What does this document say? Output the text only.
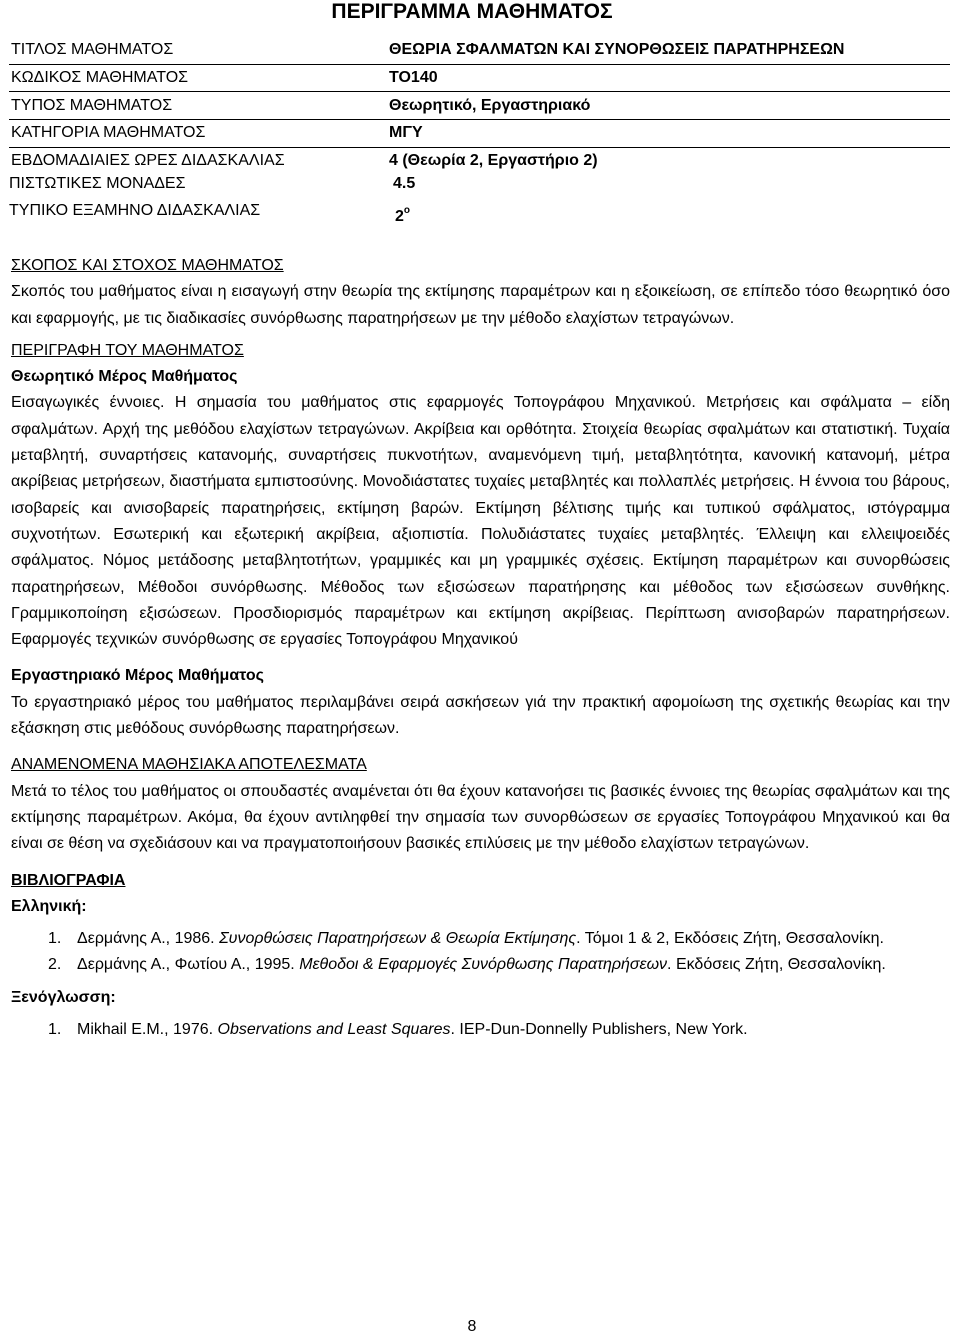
ΠΕΡΙΓΡΑΜΜΑ ΜΑΘΗΜΑΤΟΣ
ΤΙΤΛΟΣ ΜΑΘΗΜΑΤΟΣ	ΘΕΩΡΙΑ ΣΦΑΛΜΑΤΩΝ ΚΑΙ ΣΥΝΟΡΘΩΣΕΙΣ ΠΑΡΑΤΗΡΗΣΕΩΝ
ΚΩΔΙΚΟΣ ΜΑΘΗΜΑΤΟΣ	ΤΟ140
ΤΥΠΟΣ ΜΑΘΗΜΑΤΟΣ	Θεωρητικό, Εργαστηριακό
ΚΑΤΗΓΟΡΙΑ ΜΑΘΗΜΑΤΟΣ	ΜΓΥ
ΕΒΔΟΜΑΔΙΑΙΕΣ ΩΡΕΣ ΔΙΔΑΣΚΑΛΙΑΣ	4 (Θεωρία 2, Εργαστήριο 2)
ΠΙΣΤΩΤΙΚΕΣ ΜΟΝΑΔΕΣ	4.5
ΤΥΠΙΚΟ ΕΞΑΜΗΝΟ ΔΙΔΑΣΚΑΛΙΑΣ	$2^o$
ΣΚΟΠΟΣ ΚΑΙ ΣΤΟΧΟΣ ΜΑΘΗΜΑΤΟΣ

Σκοπός του μαθήματος είναι η εισαγωγή στην θεωρία της εκτίμησης παραμέτρων και η εξοικείωση, σε επίπεδο τόσο θεωρητικό όσο και εφαρμογής, με τις διαδικασίες συνόρθωσης παρατηρήσεων με την μέθοδο ελαχίστων τετραγώνων.

ΠΕΡΙΓΡΑΦΗ ΤΟΥ ΜΑΘΗΜΑΤΟΣ
Θεωρητικό Μέρος Μαθήματος

Εισαγωγικές έννοιες. Η σημασία του μαθήματος στις εφαρμογές Τοπογράφου Μηχανικού. Μετρήσεις και σφάλματα – είδη σφαλμάτων. Αρχή της μεθόδου ελαχίστων τετραγώνων. Ακρίβεια και ορθότητα. Στοιχεία θεωρίας σφαλμάτων και στατιστική. Τυχαία μεταβλητή, συναρτήσεις κατανομής, συναρτήσεις πυκνοτήτων, αναμενόμενη τιμή, μεταβλητότητα, κανονική κατανομή, μέτρα ακρίβειας μετρήσεων, διαστήματα εμπιστοσύνης. Μονοδιάστατες τυχαίες μεταβλητές και πολλαπλές μετρήσεις. Η έννοια του βάρους, ισοβαρείς και ανισοβαρείς παρατηρήσεις, εκτίμηση βαρών. Εκτίμηση βέλτισης τιμής και τυπικού σφάλματος, ιστόγραμμα συχνοτήτων. Εσωτερική και εξωτερική ακρίβεια, αξιοπιστία. Πολυδιάστατες τυχαίες μεταβλητές. Έλλειψη και ελλειψοειδές σφάλματος. Νόμος μετάδοσης μεταβλητοτήτων, γραμμικές και μη γραμμικές σχέσεις. Εκτίμηση παραμέτρων και συνορθώσεις παρατηρήσεων, Μέθοδοι συνόρθωσης. Μέθοδος των εξισώσεων παρατήρησης και μέθοδος των εξισώσεων συνθήκης. Γραμμικοποίηση εξισώσεων. Προσδιορισμός παραμέτρων και εκτίμηση ακρίβειας. Περίπτωση ανισοβαρών παρατηρήσεων. Εφαρμογές τεχνικών συνόρθωσης σε εργασίες Τοπογράφου Μηχανικού

Εργαστηριακό Μέρος Μαθήματος

Το εργαστηριακό μέρος του μαθήματος περιλαμβάνει σειρά ασκήσεων γιά την πρακτική αφομοίωση της σχετικής θεωρίας και την εξάσκηση στις μεθόδους συνόρθωσης παρατηρήσεων.

ΑΝΑΜΕΝΟΜΕΝΑ ΜΑΘΗΣΙΑΚΑ ΑΠΟΤΕΛΕΣΜΑΤΑ

Μετά το τέλος του μαθήματος οι σπουδαστές αναμένεται ότι θα έχουν κατανοήσει τις βασικές έννοιες της θεωρίας σφαλμάτων και της εκτίμησης παραμέτρων. Ακόμα, θα έχουν αντιληφθεί την σημασία των συνορθώσεων σε εργασίες Τοπογράφου Μηχανικού και θα είναι σε θέση να σχεδιάσουν και να πραγματοποιήσουν βασικές επιλύσεις με την μέθοδο ελαχίστων τετραγώνων.

ΒΙΒΛΙΟΓΡΑΦΙΑ
Ελληνική:
1. Δερμάνης Α., 1986. Συνορθώσεις Παρατηρήσεων & Θεωρία Εκτίμησης. Τόμοι 1 & 2, Εκδόσεις Ζήτη, Θεσσαλονίκη.
2. Δερμάνης Α., Φωτίου Α., 1995. Μεθοδοι & Εφαρμογές Συνόρθωσης Παρατηρήσεων. Εκδόσεις Ζήτη, Θεσσαλονίκη.
Ξενόγλωσση:
1. Mikhail E.M., 1976. Observations and Least Squares. IEP-Dun-Donnelly Publishers, New York.
8
